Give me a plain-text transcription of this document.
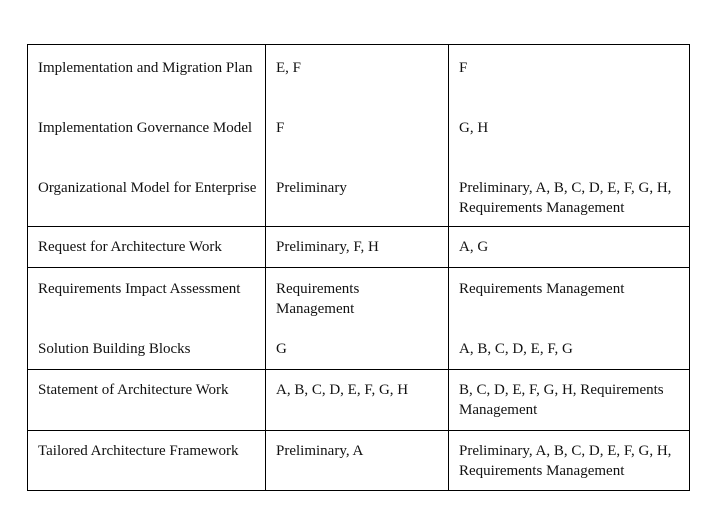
Implementation and Migration Plan	E, F	F
Implementation Governance Model	F	G, H
Organizational Model for Enterprise	Preliminary	Preliminary, A, B, C, D, E, F, G, H, Requirements Management
Request for Architecture Work	Preliminary, F, H	A, G
Requirements Impact Assessment	Requirements Management	Requirements Management
Solution Building Blocks	G	A, B, C, D, E, F, G
Statement of Architecture Work	A, B, C, D, E, F, G, H	B, C, D, E, F, G, H, Requirements Management
Tailored Architecture Framework	Preliminary, A	Preliminary, A, B, C, D, E, F, G, H, Requirements Management
